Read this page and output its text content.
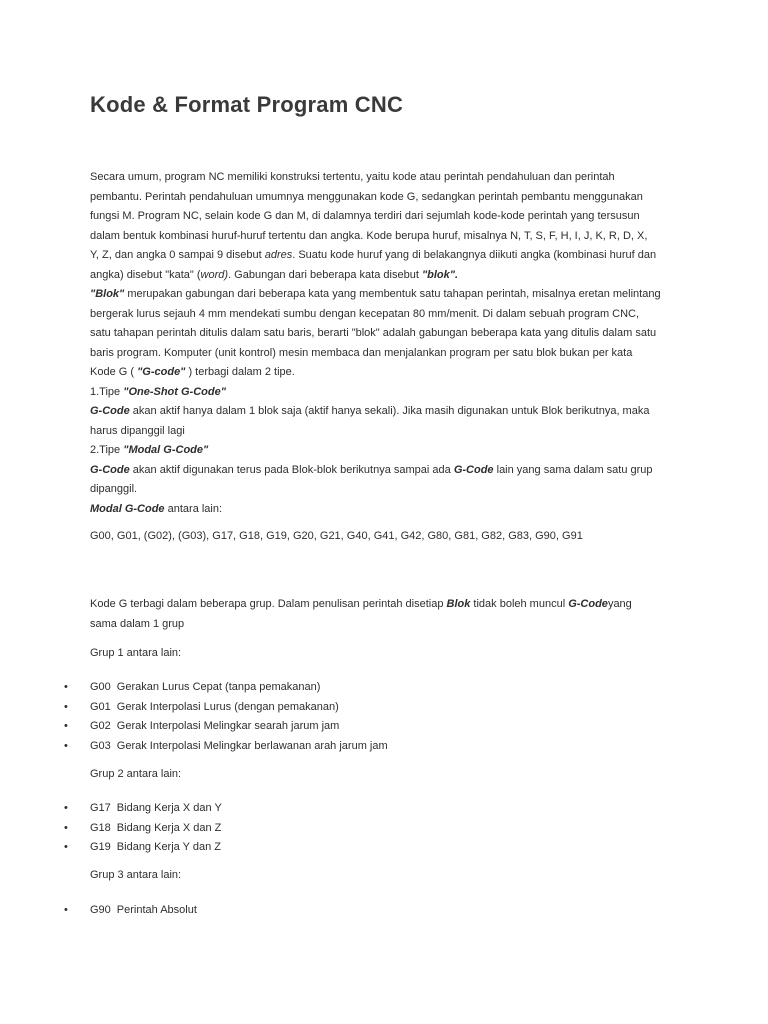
Kode & Format Program CNC

Secara umum, program NC memiliki konstruksi tertentu, yaitu kode atau perintah pendahuluan dan perintah

pembantu. Perintah pendahuluan umumnya menggunakan kode G, sedangkan perintah pembantu menggunakan

fungsi M. Program NC, selain kode G dan M, di dalamnya terdiri dari sejumlah kode-kode perintah yang tersusun

dalam bentuk kombinasi huruf-huruf tertentu dan angka. Kode berupa huruf, misalnya N, T, S, F, H, I, J, K, R, D, X,

Y, Z, dan angka 0 sampai 9 disebut adres. Suatu kode huruf yang di belakangnya diikuti angka (kombinasi huruf dan

angka) disebut "kata" (word). Gabungan dari beberapa kata disebut "blok".

"Blok" merupakan gabungan dari beberapa kata yang membentuk satu tahapan perintah, misalnya eretan melintang

bergerak lurus sejauh 4 mm mendekati sumbu dengan kecepatan 80 mm/menit. Di dalam sebuah program CNC,

satu tahapan perintah ditulis dalam satu baris, berarti "blok" adalah gabungan beberapa kata yang ditulis dalam satu

baris program. Komputer (unit kontrol) mesin membaca dan menjalankan program per satu blok bukan per kata

Kode G ( "G-code" ) terbagi dalam 2 tipe.

1.Tipe "One-Shot G-Code"

G-Code akan aktif hanya dalam 1 blok saja (aktif hanya sekali). Jika masih digunakan untuk Blok berikutnya, maka

harus dipanggil lagi

2.Tipe "Modal G-Code"

G-Code akan aktif digunakan terus pada Blok-blok berikutnya sampai ada G-Code lain yang sama dalam satu grup

dipanggil.

Modal G-Code antara lain:

G00, G01, (G02), (G03), G17, G18, G19, G20, G21, G40, G41, G42, G80, G81, G82, G83, G90, G91

Kode G terbagi dalam beberapa grup. Dalam penulisan perintah disetiap Blok tidak boleh muncul G-Codeyang

sama dalam 1 grup

Grup 1 antara lain:
• G00 Gerakan Lurus Cepat (tanpa pemakanan)
• G01 Gerak Interpolasi Lurus (dengan pemakanan)
• G02 Gerak Interpolasi Melingkar searah jarum jam
• G03 Gerak Interpolasi Melingkar berlawanan arah jarum jam
Grup 2 antara lain:
• G17 Bidang Kerja X dan Y
• G18 Bidang Kerja X dan Z
• G19 Bidang Kerja Y dan Z
Grup 3 antara lain:
• G90 Perintah Absolut
